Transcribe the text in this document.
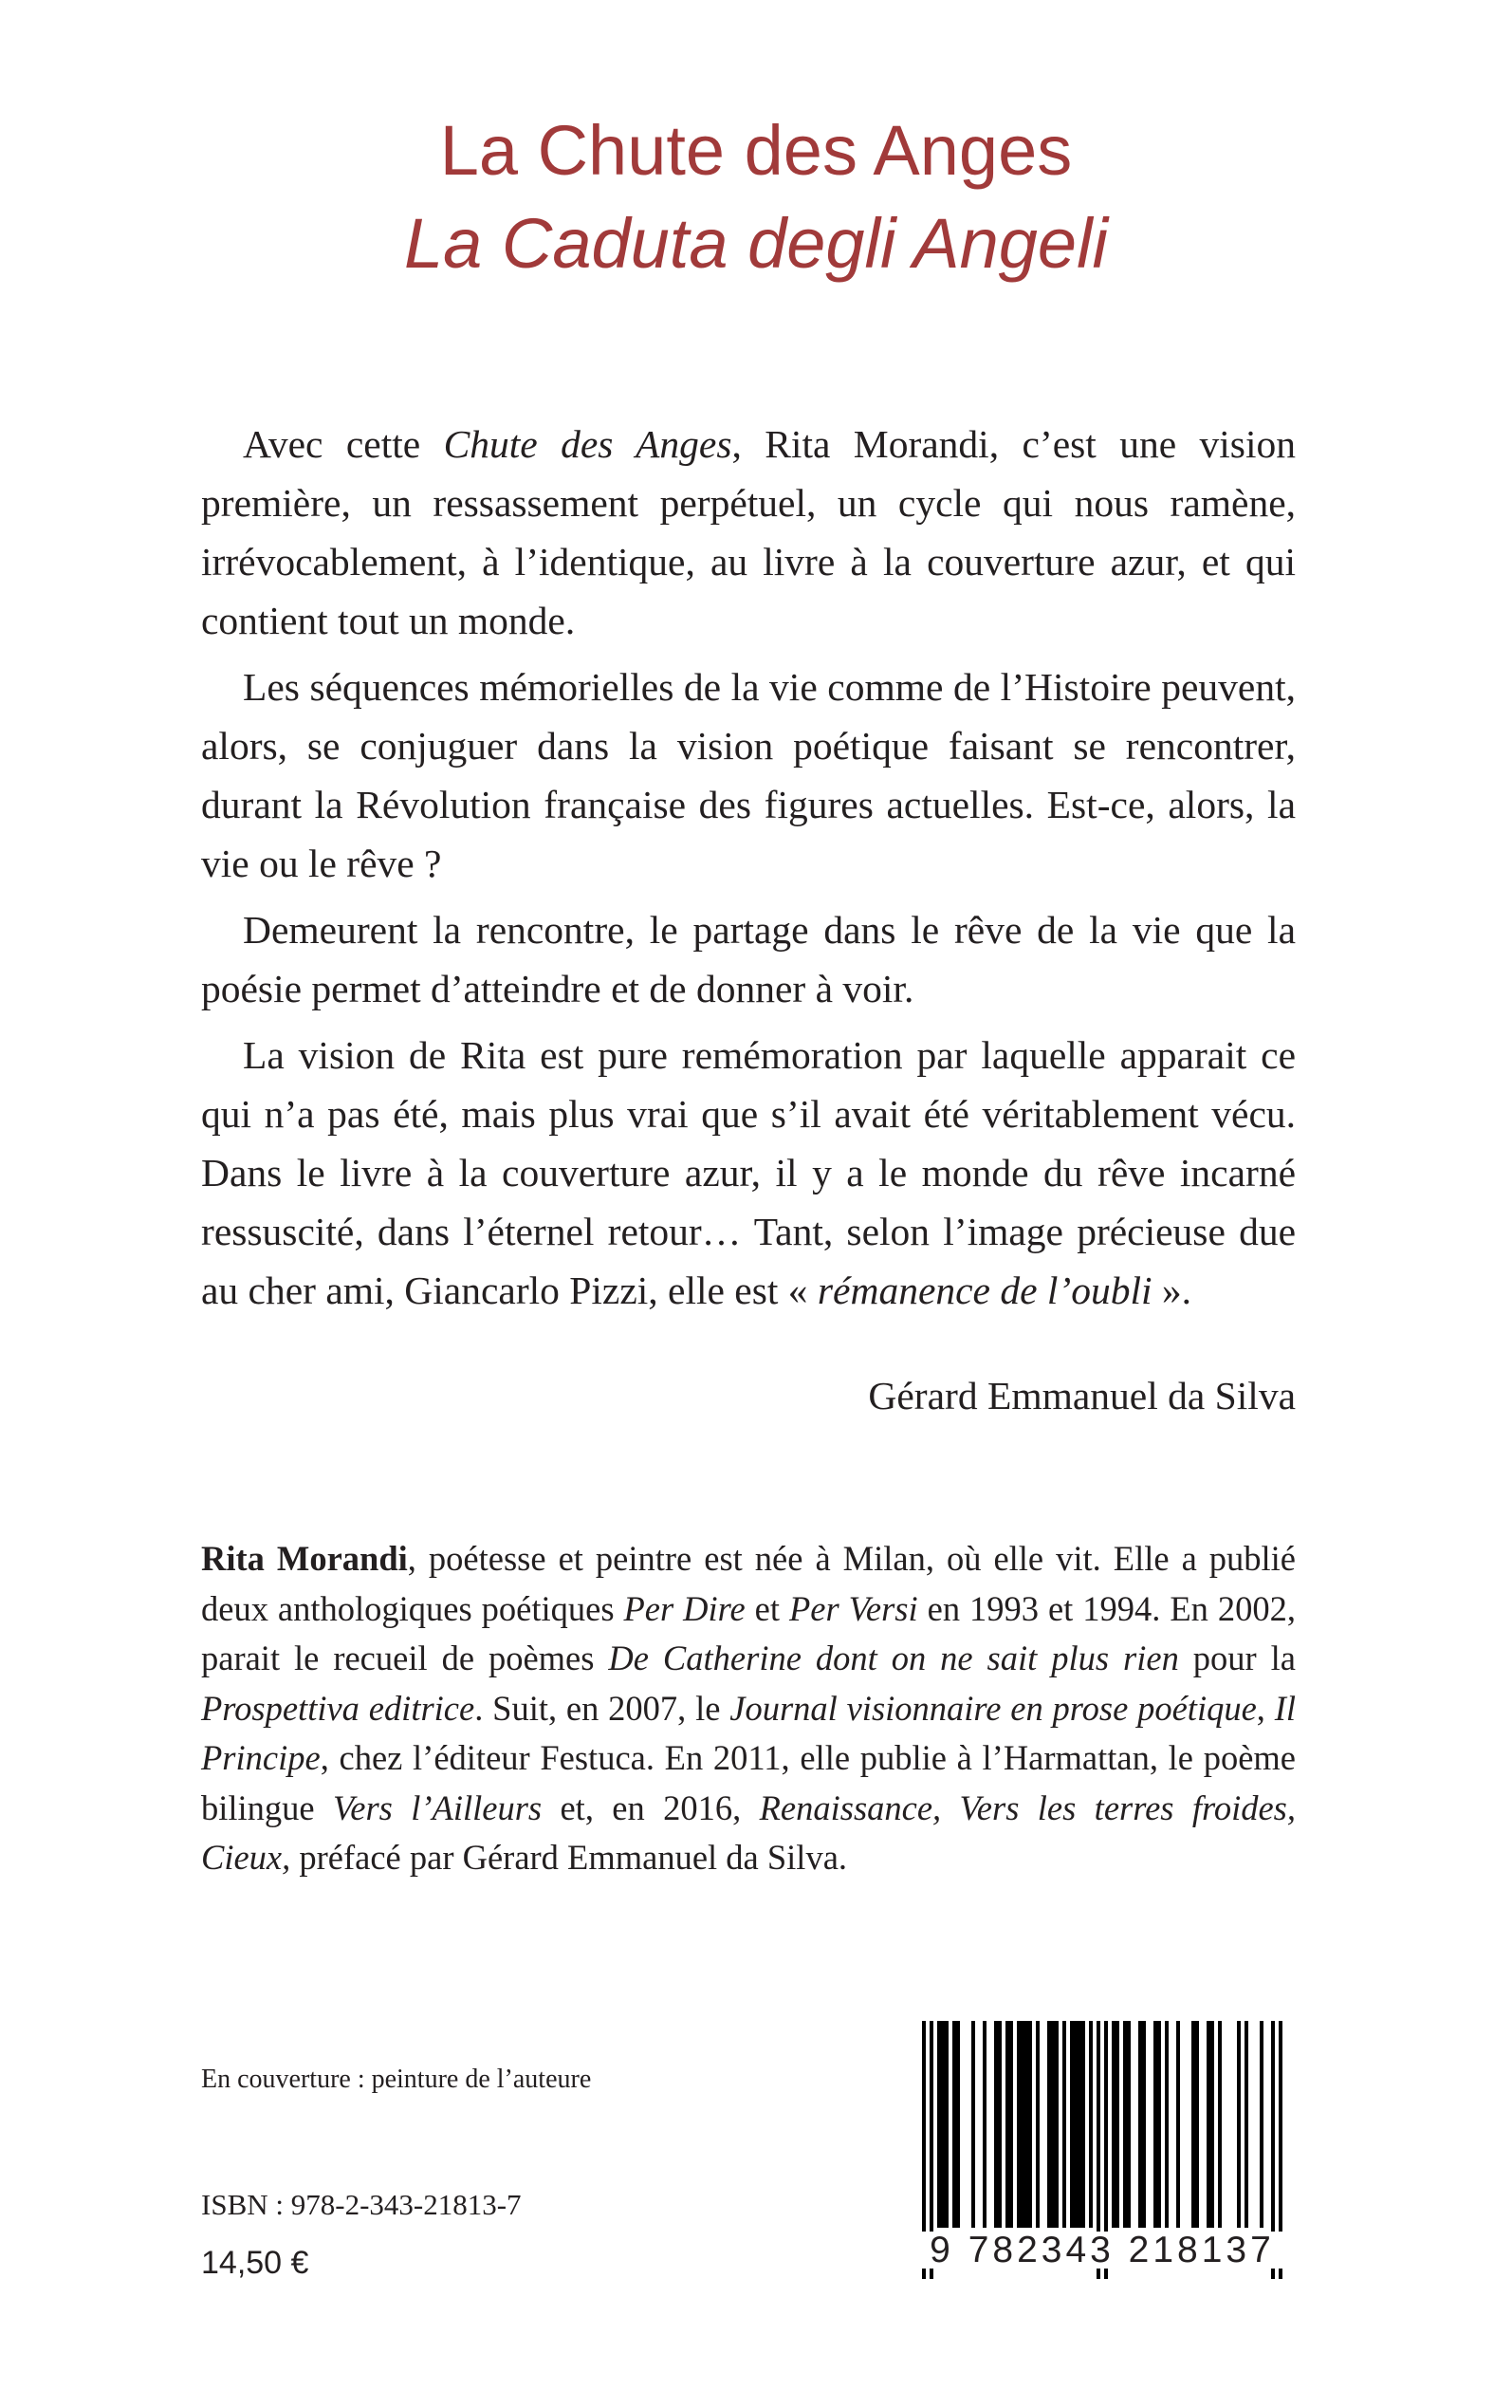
La Chute des Anges
La Caduta degli Angeli

Avec cette Chute des Anges, Rita Morandi, c’est une vision première, un ressassement perpétuel, un cycle qui nous ramène, irrévocablement, à l’identique, au livre à la couverture azur, et qui contient tout un monde.

Les séquences mémorielles de la vie comme de l’Histoire peuvent, alors, se conjuguer dans la vision poétique faisant se rencontrer, durant la Révolution française des figures actuelles. Est-ce, alors, la vie ou le rêve ?

Demeurent la rencontre, le partage dans le rêve de la vie que la poésie permet d’atteindre et de donner à voir.

La vision de Rita est pure remémoration par laquelle apparait ce qui n’a pas été, mais plus vrai que s’il avait été véritablement vécu. Dans le livre à la couverture azur, il y a le monde du rêve incarné ressuscité, dans l’éternel retour… Tant, selon l’image précieuse due au cher ami, Giancarlo Pizzi, elle est « rémanence de l’oubli ».

Gérard Emmanuel da Silva

Rita Morandi, poétesse et peintre est née à Milan, où elle vit. Elle a publié deux anthologiques poétiques Per Dire et Per Versi en 1993 et 1994. En 2002, parait le recueil de poèmes De Catherine dont on ne sait plus rien pour la Prospettiva editrice. Suit, en 2007, le Journal visionnaire en prose poétique, Il Principe, chez l’éditeur Festuca. En 2011, elle publie à l’Harmattan, le poème bilingue Vers l’Ailleurs et, en 2016, Renaissance, Vers les terres froides, Cieux, préfacé par Gérard Emmanuel da Silva.

En couverture : peinture de l’auteure
ISBN : 978-2-343-21813-7
14,50 €	9 782343 218137
